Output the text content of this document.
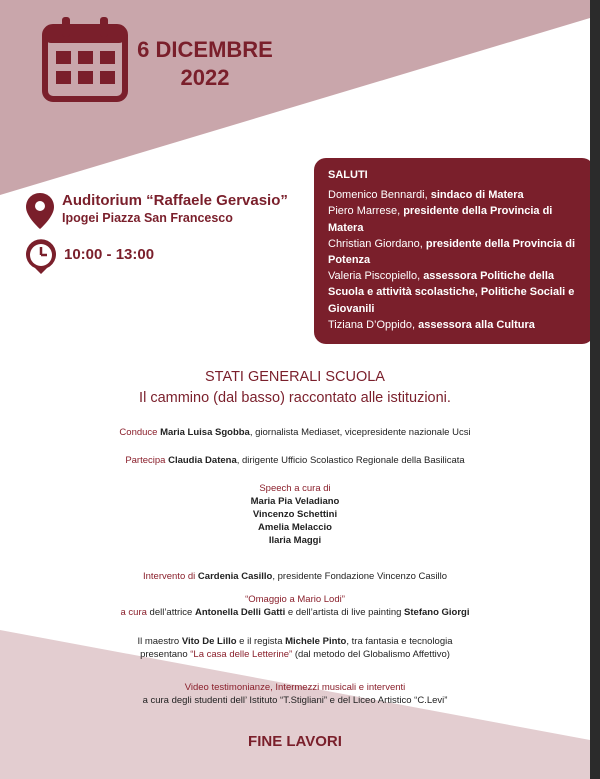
6 DICEMBRE
2022
Auditorium “Raffaele Gervasio”
Ipogei Piazza San Francesco
10:00 - 13:00
SALUTI
Domenico Bennardi, sindaco di Matera
Piero Marrese, presidente della Provincia di Matera
Christian Giordano, presidente della Provincia di Potenza
Valeria Piscopiello, assessora Politiche della Scuola e attività scolastiche, Politiche Sociali e Giovanili
Tiziana D’Oppido, assessora alla Cultura
STATI GENERALI SCUOLA
Il cammino (dal basso) raccontato alle istituzioni.
Conduce Maria Luisa Sgobba, giornalista Mediaset, vicepresidente nazionale Ucsi
Partecipa Claudia Datena, dirigente Ufficio Scolastico Regionale della Basilicata
Speech a cura di
Maria Pia Veladiano
Vincenzo Schettini
Amelia Melaccio
Ilaria Maggi
Intervento di Cardenia Casillo, presidente Fondazione Vincenzo Casillo
“Omaggio a Mario Lodi”
a cura dell’attrice Antonella Delli Gatti e dell’artista di live painting Stefano Giorgi
Il maestro Vito De Lillo e il regista Michele Pinto, tra fantasia e tecnologia
presentano “La casa delle Letterine” (dal metodo del Globalismo Affettivo)
Video testimonianze, Intermezzi musicali e interventi
a cura degli studenti dell’ Istituto “T.Stigliani” e del Liceo Artistico “C.Levi”
FINE LAVORI
